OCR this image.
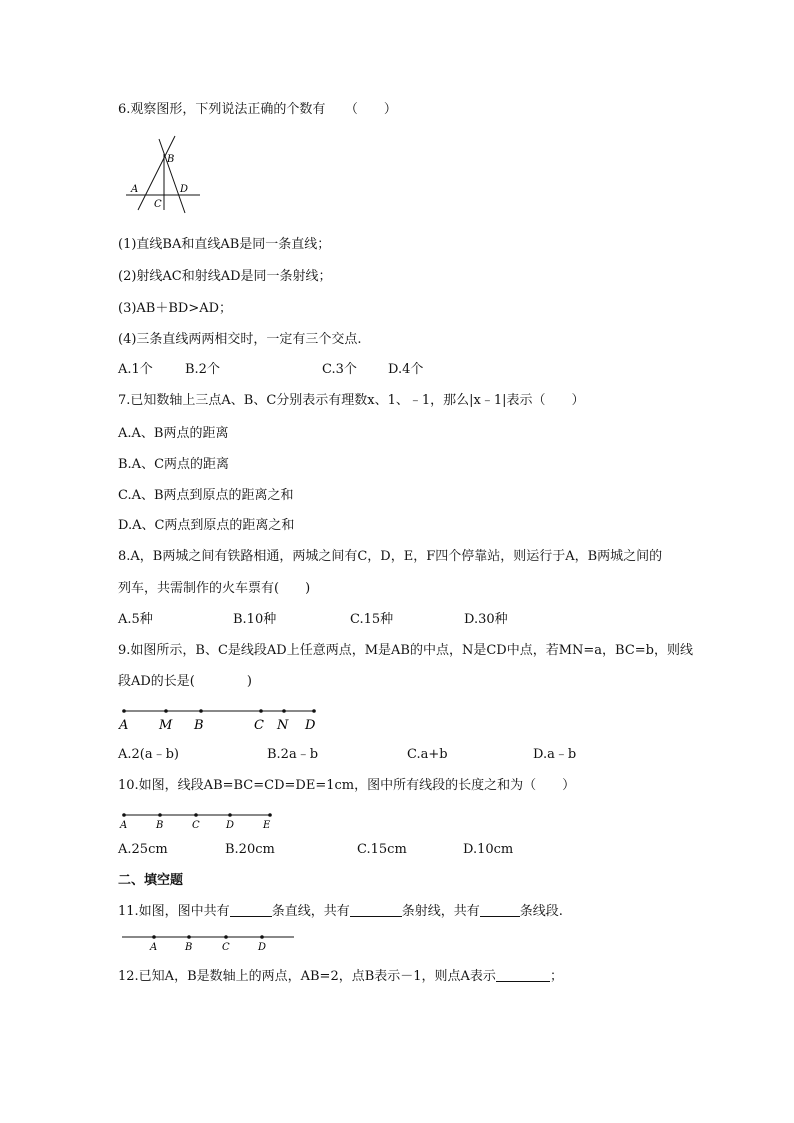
6.观察图形，下列说法正确的个数有　　（　　）
B
A	D
C
(1)直线BA和直线AB是同一条直线；
(2)射线AC和射线AD是同一条射线；
(3)AB＋BD>AD；
(4)三条直线两两相交时，一定有三个交点.
A.1个 B.2个	C.3个 D.4个
7.已知数轴上三点A、B、C分别表示有理数x、1、﹣1，那么|x﹣1|表示（　　）
A.A、B两点的距离
B.A、C两点的距离
C.A、B两点到原点的距离之和
D.A、C两点到原点的距离之和
8.A，B两城之间有铁路相通，两城之间有C，D，E，F四个停靠站，则运行于A，B两城之间的
列车，共需制作的火车票有(　　)
A.5种	B.10种	C.15种	D.30种
9.如图所示，B、C是线段AD上任意两点，M是AB的中点，N是CD中点，若MN=a，BC=b，则线
段AD的长是(　　　　)
A M B	C N D
A.2(a﹣b)	B.2a﹣b	C.a+b	D.a﹣b
10.如图，线段AB=BC=CD=DE=1cm，图中所有线段的长度之和为（　　）
A	B	C	D	E
A.25cm	B.20cm	C.15cm	D.10cm
二、填空题
11.如图，图中共有	条直线，共有	条射线，共有	条线段.
A	B	C	D
12.已知A，B是数轴上的两点，AB=2，点B表示－1，则点A表示	；
